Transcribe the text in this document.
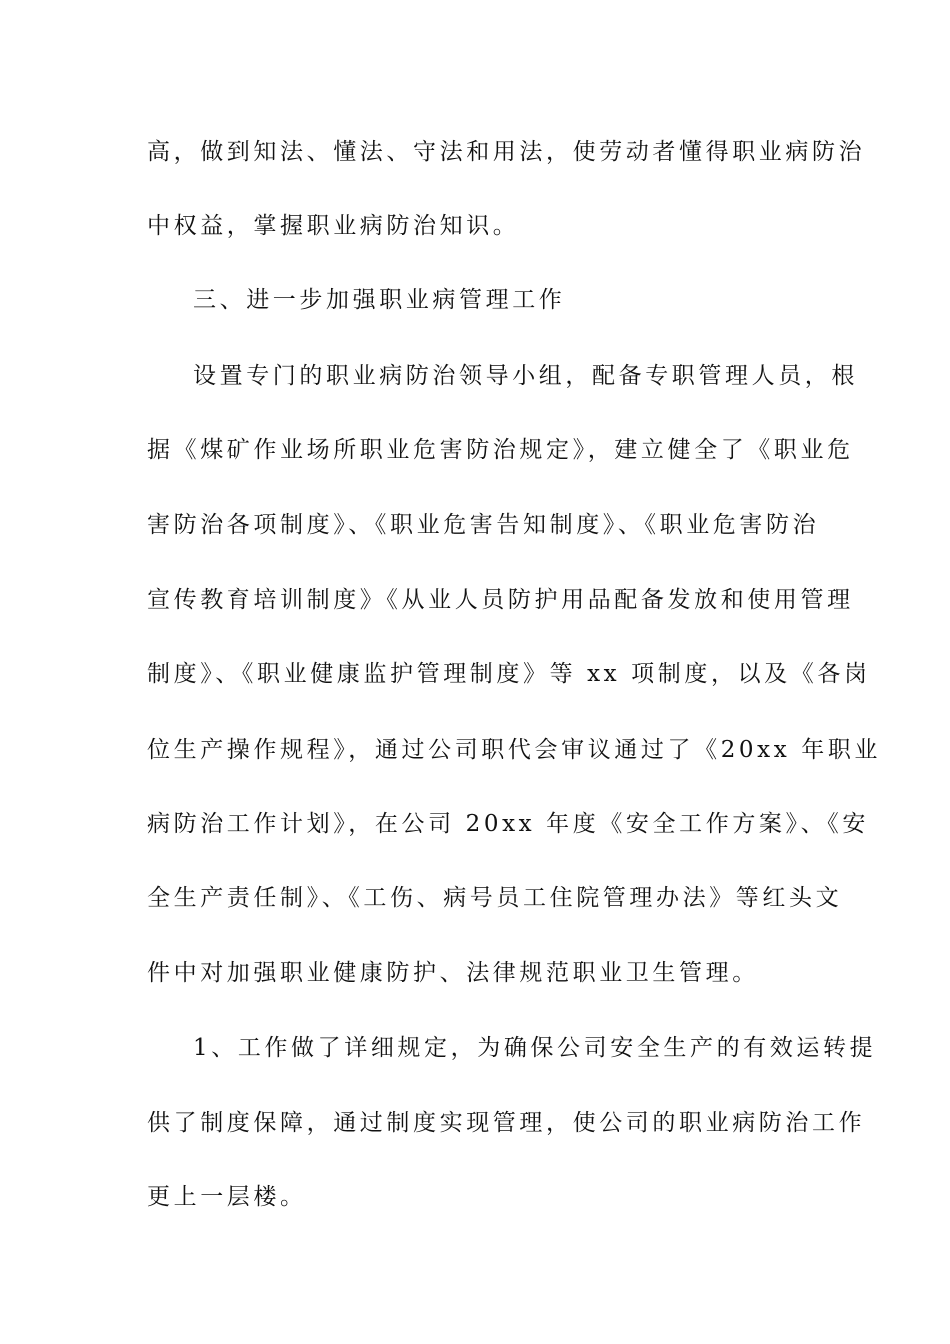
高，做到知法、懂法、守法和用法，使劳动者懂得职业病防治
中权益，掌握职业病防治知识。
三、进一步加强职业病管理工作
设置专门的职业病防治领导小组，配备专职管理人员，根
据《煤矿作业场所职业危害防治规定》，建立健全了《职业危
害防治各项制度》、《职业危害告知制度》、《职业危害防治
宣传教育培训制度》《从业人员防护用品配备发放和使用管理
制度》、《职业健康监护管理制度》等 xx 项制度，以及《各岗
位生产操作规程》，通过公司职代会审议通过了《20xx 年职业
病防治工作计划》，在公司 20xx 年度《安全工作方案》、《安
全生产责任制》、《工伤、病号员工住院管理办法》等红头文
件中对加强职业健康防护、法律规范职业卫生管理。
1、工作做了详细规定，为确保公司安全生产的有效运转提
供了制度保障，通过制度实现管理，使公司的职业病防治工作
更上一层楼。
